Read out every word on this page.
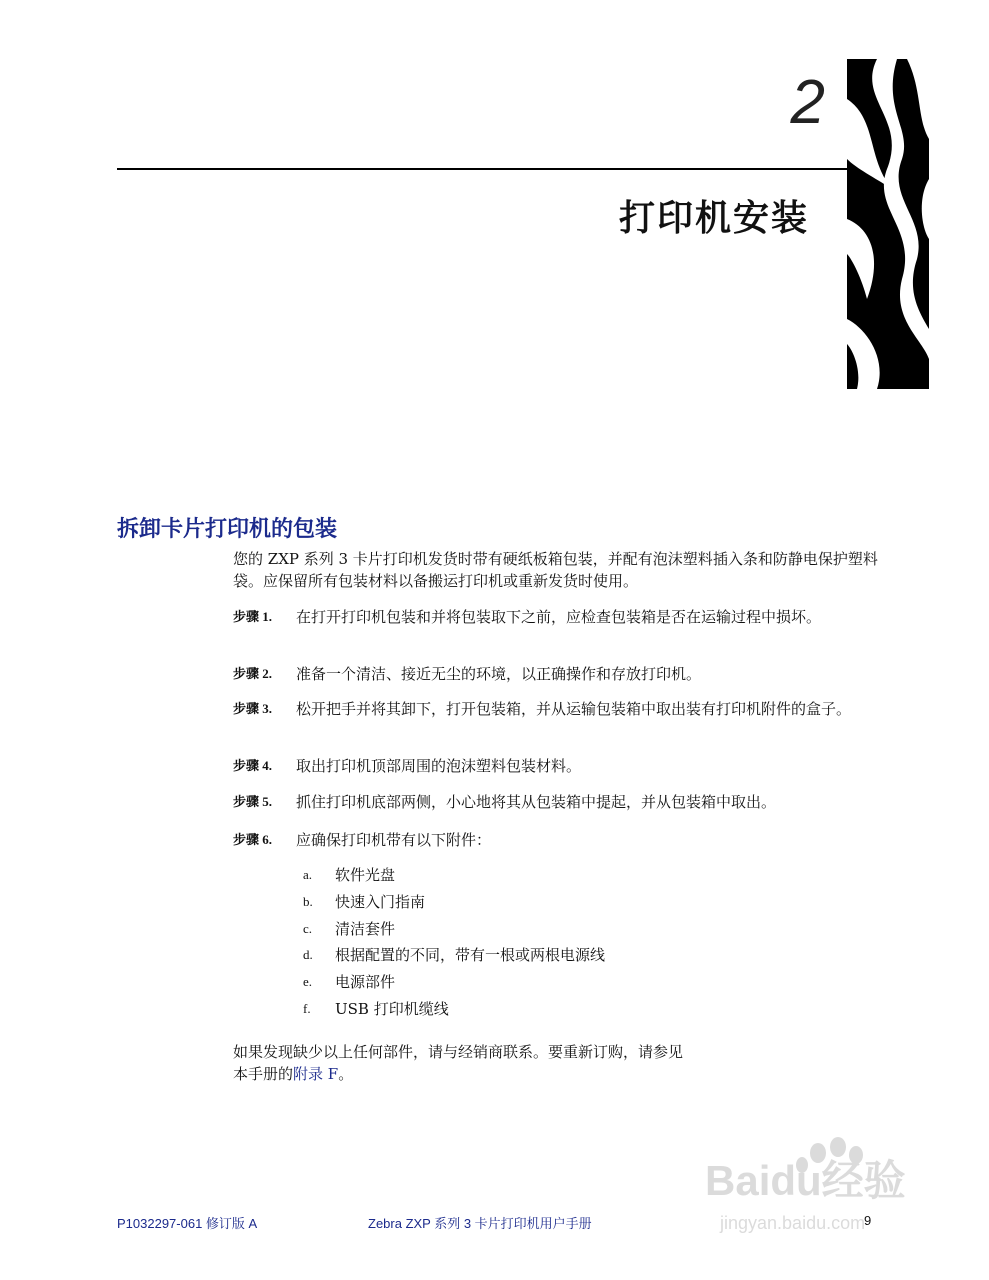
2
打印机安装
拆卸卡片打印机的包装
您的 ZXP 系列 3 卡片打印机发货时带有硬纸板箱包装，并配有泡沫塑料插入条和防静电保护塑料袋。应保留所有包装材料以备搬运打印机或重新发货时使用。
步骤 1. 在打开打印机包装和并将包装取下之前，应检查包装箱是否在运输过程中损坏。
步骤 2. 准备一个清洁、接近无尘的环境，以正确操作和存放打印机。
步骤 3. 松开把手并将其卸下，打开包装箱，并从运输包装箱中取出装有打印机附件的盒子。
步骤 4. 取出打印机顶部周围的泡沫塑料包装材料。
步骤 5. 抓住打印机底部两侧，小心地将其从包装箱中提起，并从包装箱中取出。
步骤 6. 应确保打印机带有以下附件：
a. 软件光盘
b. 快速入门指南
c. 清洁套件
d. 根据配置的不同，带有一根或两根电源线
e. 电源部件
f. USB 打印机缆线
如果发现缺少以上任何部件，请与经销商联系。要重新订购，请参见
本手册的附录 F。
Baidu经验
jingyan.baidu.com
P1032297-061 修订版 A	Zebra ZXP 系列 3 卡片打印机用户手册	9
